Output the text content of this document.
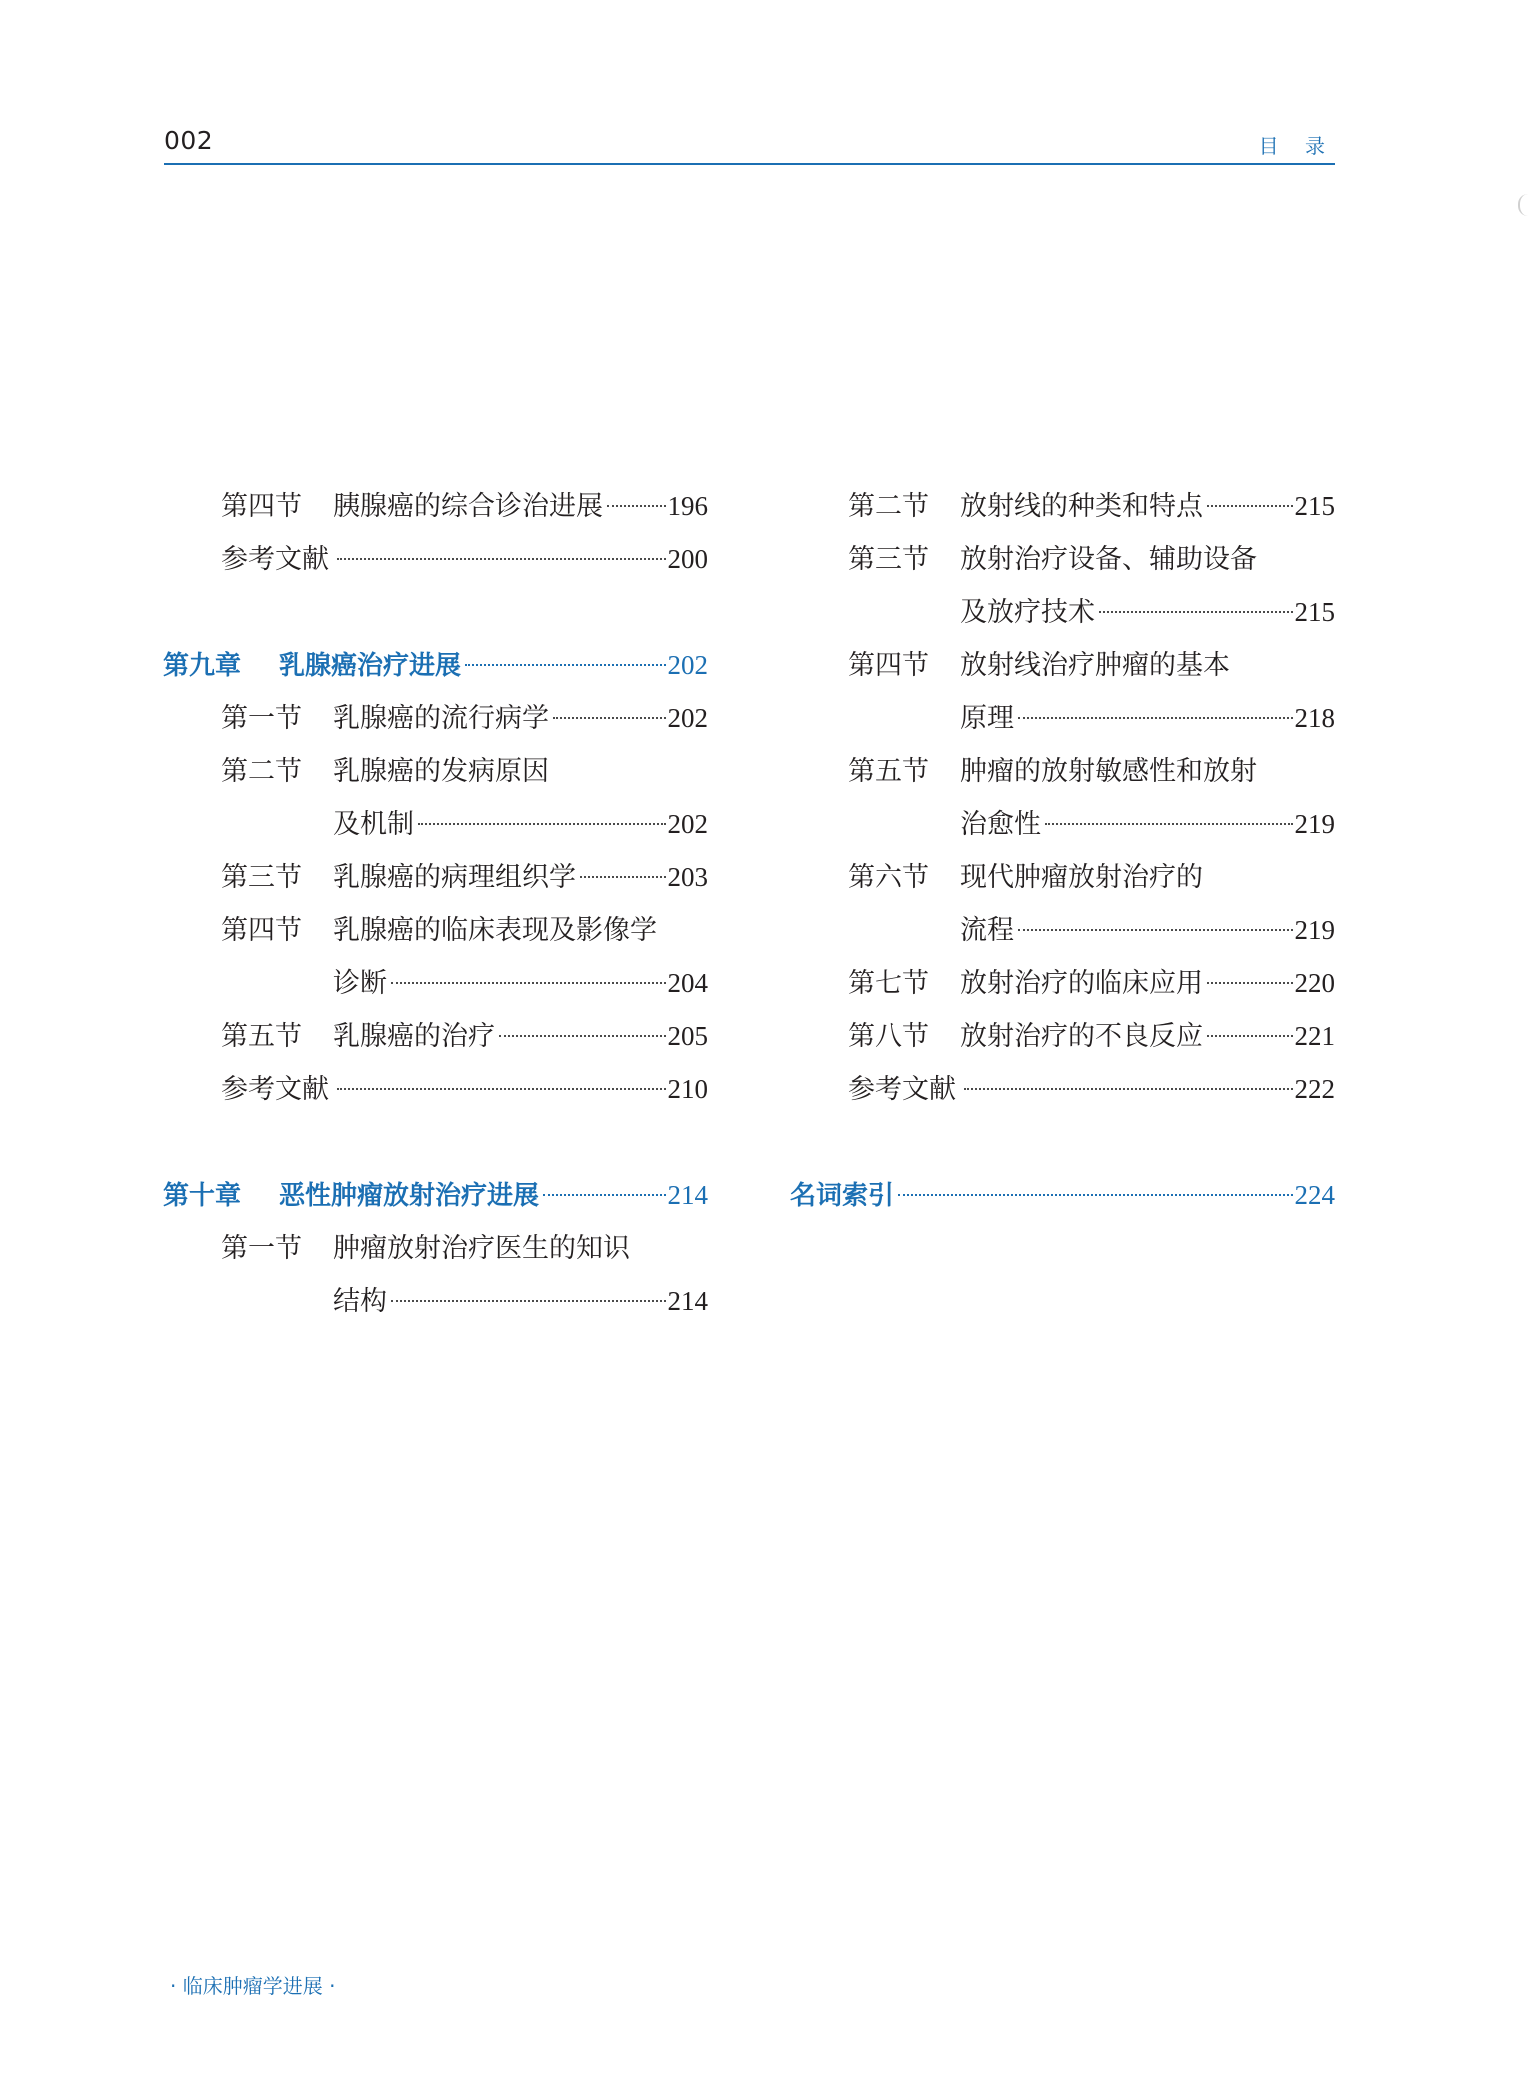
002	目 录
第四节	胰腺癌的综合诊治进展 196
参考文献	200
第九章	乳腺癌治疗进展	202
第一节	乳腺癌的流行病学	202
第二节	乳腺癌的发病原因
及机制	202
第三节	乳腺癌的病理组织学	203
第四节	乳腺癌的临床表现及影像学
诊断	204
第五节	乳腺癌的治疗	205
参考文献	210
第十章	恶性肿瘤放射治疗进展	214
第一节	肿瘤放射治疗医生的知识
结构	214
第二节	放射线的种类和特点	215
第三节	放射治疗设备、辅助设备
及放疗技术	215
第四节	放射线治疗肿瘤的基本
原理	218
第五节	肿瘤的放射敏感性和放射
治愈性	219
第六节	现代肿瘤放射治疗的
流程	219
第七节	放射治疗的临床应用	220
第八节	放射治疗的不良反应	221
参考文献	222
名词索引	224
· 临床肿瘤学进展 ·
